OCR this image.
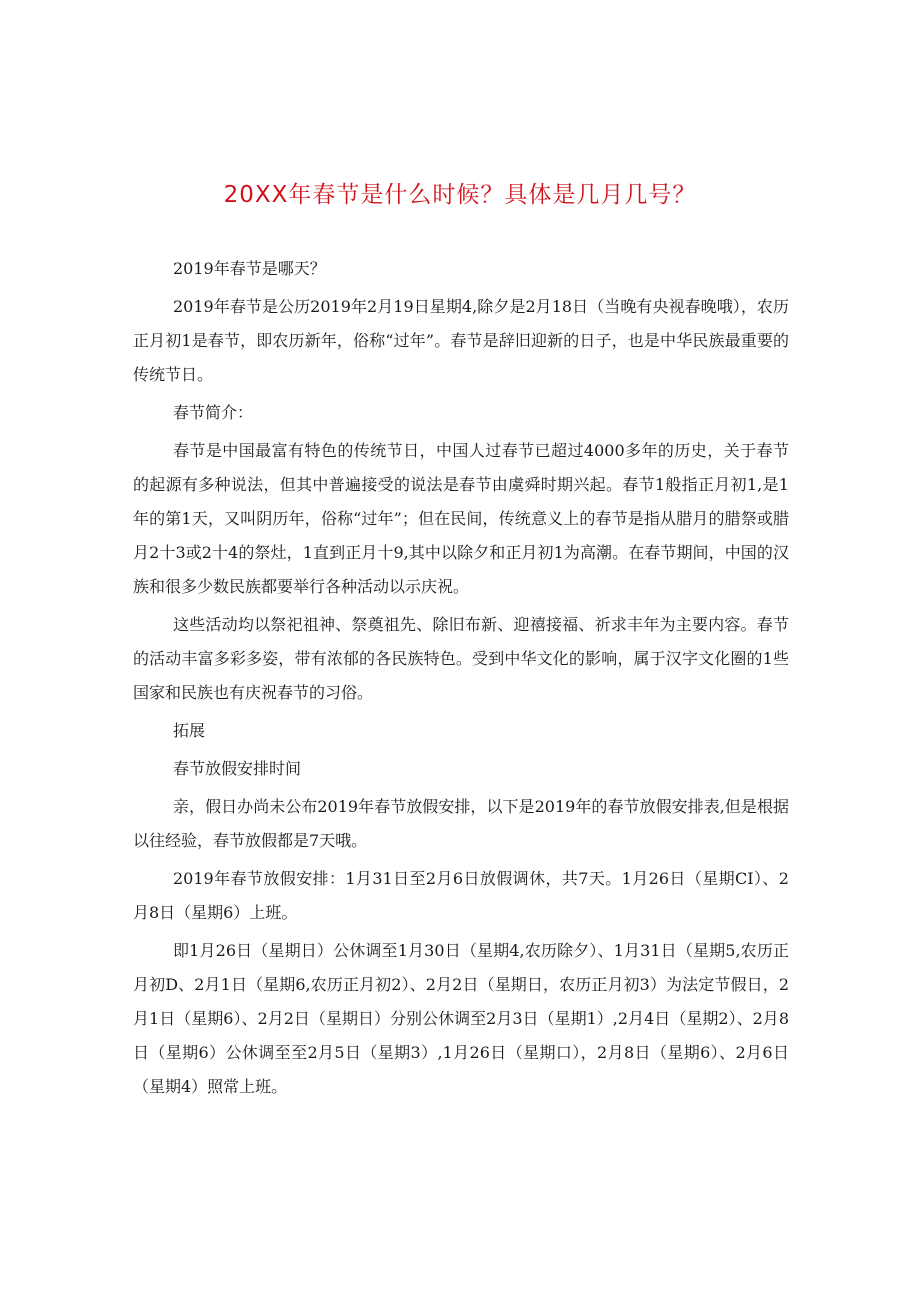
20XX年春节是什么时候？具体是几月几号？

2019年春节是哪天？

2019年春节是公历2019年2月19日星期4,除夕是2月18日（当晚有央视春晚哦），农历正月初1是春节，即农历新年，俗称“过年”。春节是辞旧迎新的日子，也是中华民族最重要的传统节日。

春节简介：

春节是中国最富有特色的传统节日，中国人过春节已超过4000多年的历史，关于春节的起源有多种说法，但其中普遍接受的说法是春节由虞舜时期兴起。春节1般指正月初1,是1年的第1天，又叫阴历年，俗称“过年”；但在民间，传统意义上的春节是指从腊月的腊祭或腊月2十3或2十4的祭灶，1直到正月十9,其中以除夕和正月初1为高潮。在春节期间，中国的汉族和很多少数民族都要举行各种活动以示庆祝。

这些活动均以祭祀祖神、祭奠祖先、除旧布新、迎禧接福、祈求丰年为主要内容。春节的活动丰富多彩多姿，带有浓郁的各民族特色。受到中华文化的影响，属于汉字文化圈的1些国家和民族也有庆祝春节的习俗。

拓展

春节放假安排时间

亲，假日办尚未公布2019年春节放假安排，以下是2019年的春节放假安排表,但是根据以往经验，春节放假都是7天哦。

2019年春节放假安排：1月31日至2月6日放假调休，共7天。1月26日（星期CI）、2月8日（星期6）上班。

即1月26日（星期日）公休调至1月30日（星期4,农历除夕）、1月31日（星期5,农历正月初D、2月1日（星期6,农历正月初2）、2月2日（星期日，农历正月初3）为法定节假日，2月1日（星期6）、2月2日（星期日）分别公休调至2月3日（星期1）,2月4日（星期2）、2月8日（星期6）公休调至至2月5日（星期3）,1月26日（星期口），2月8日（星期6）、2月6日（星期4）照常上班。
